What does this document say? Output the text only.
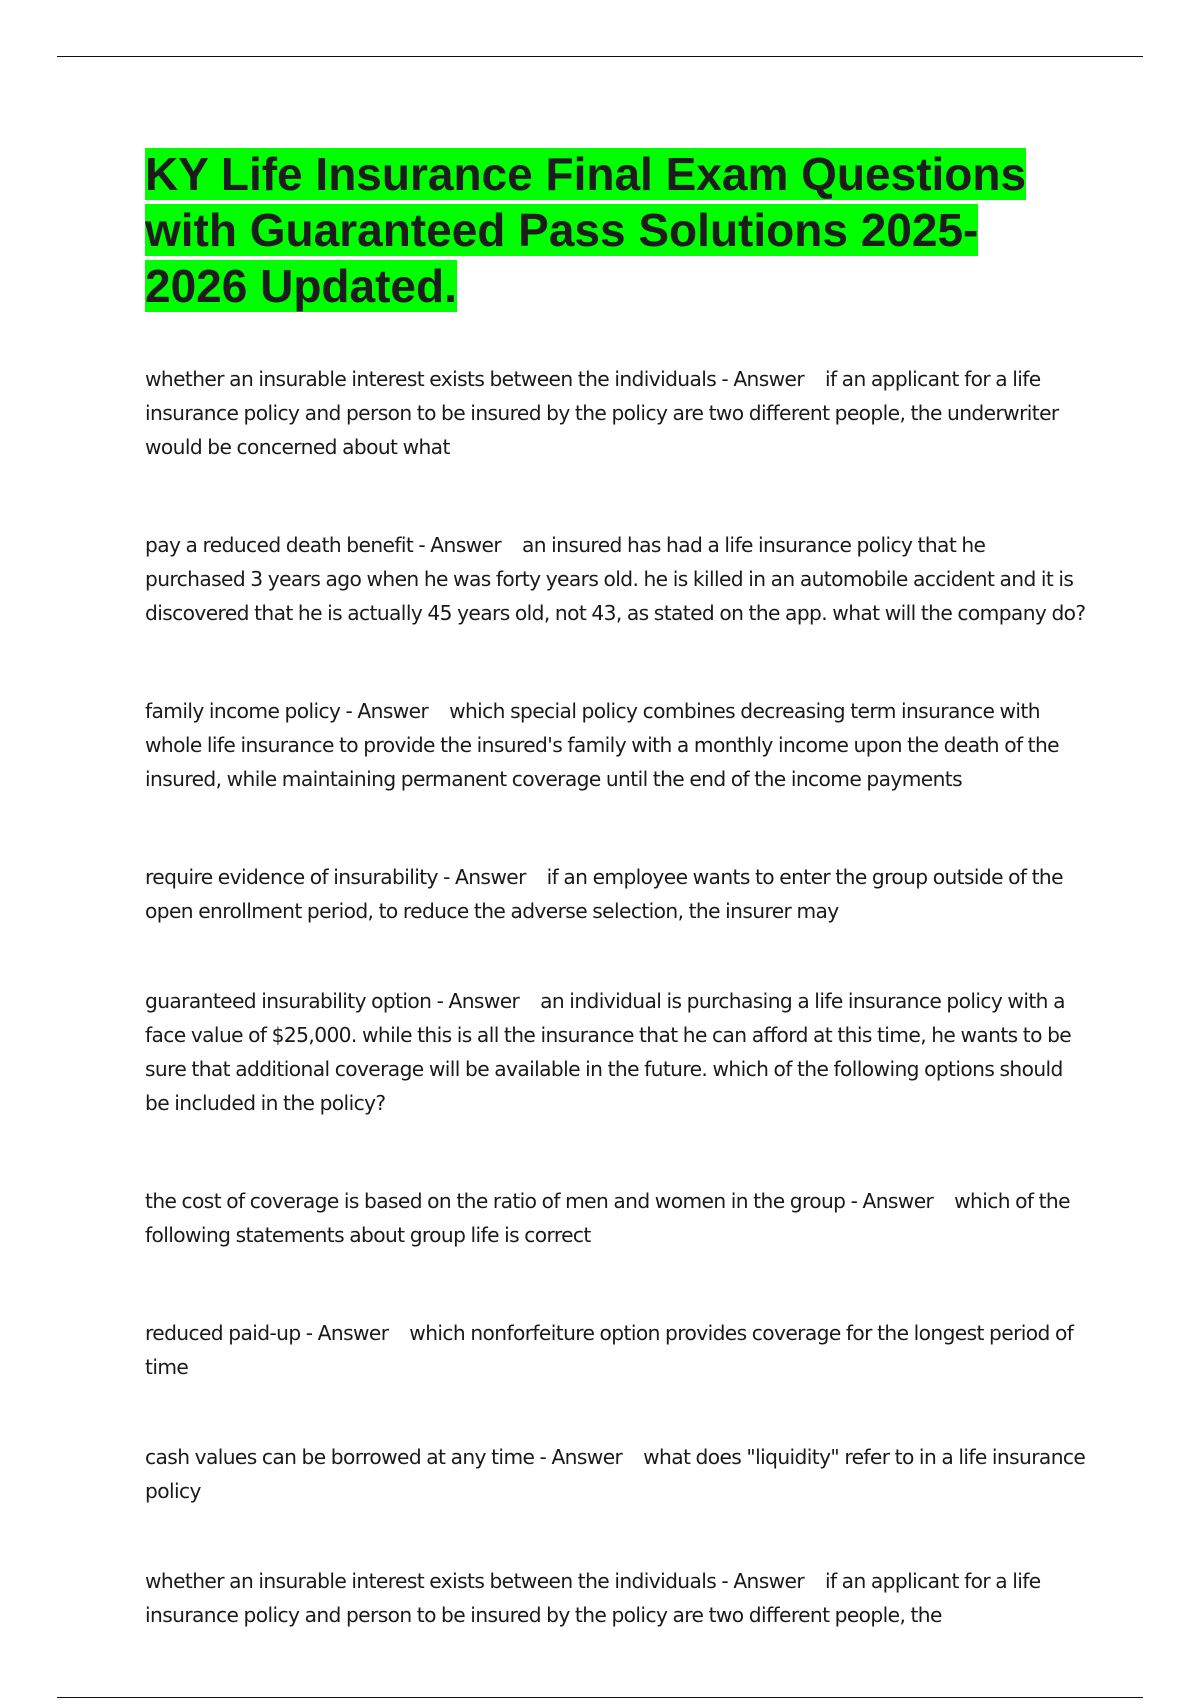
KY Life Insurance Final Exam Questions with Guaranteed Pass Solutions 2025-2026 Updated.

whether an insurable interest exists between the individuals - Answer    if an applicant for a life insurance policy and person to be insured by the policy are two different people, the underwriter would be concerned about what

pay a reduced death benefit - Answer    an insured has had a life insurance policy that he purchased 3 years ago when he was forty years old. he is killed in an automobile accident and it is discovered that he is actually 45 years old, not 43, as stated on the app. what will the company do?

family income policy - Answer    which special policy combines decreasing term insurance with whole life insurance to provide the insured's family with a monthly income upon the death of the insured, while maintaining permanent coverage until the end of the income payments

require evidence of insurability - Answer    if an employee wants to enter the group outside of the open enrollment period, to reduce the adverse selection, the insurer may

guaranteed insurability option - Answer    an individual is purchasing a life insurance policy with a face value of $25,000. while this is all the insurance that he can afford at this time, he wants to be sure that additional coverage will be available in the future. which of the following options should be included in the policy?

the cost of coverage is based on the ratio of men and women in the group - Answer    which of the following statements about group life is correct

reduced paid-up - Answer    which nonforfeiture option provides coverage for the longest period of time

cash values can be borrowed at any time - Answer    what does "liquidity" refer to in a life insurance policy

whether an insurable interest exists between the individuals - Answer    if an applicant for a life insurance policy and person to be insured by the policy are two different people, the
